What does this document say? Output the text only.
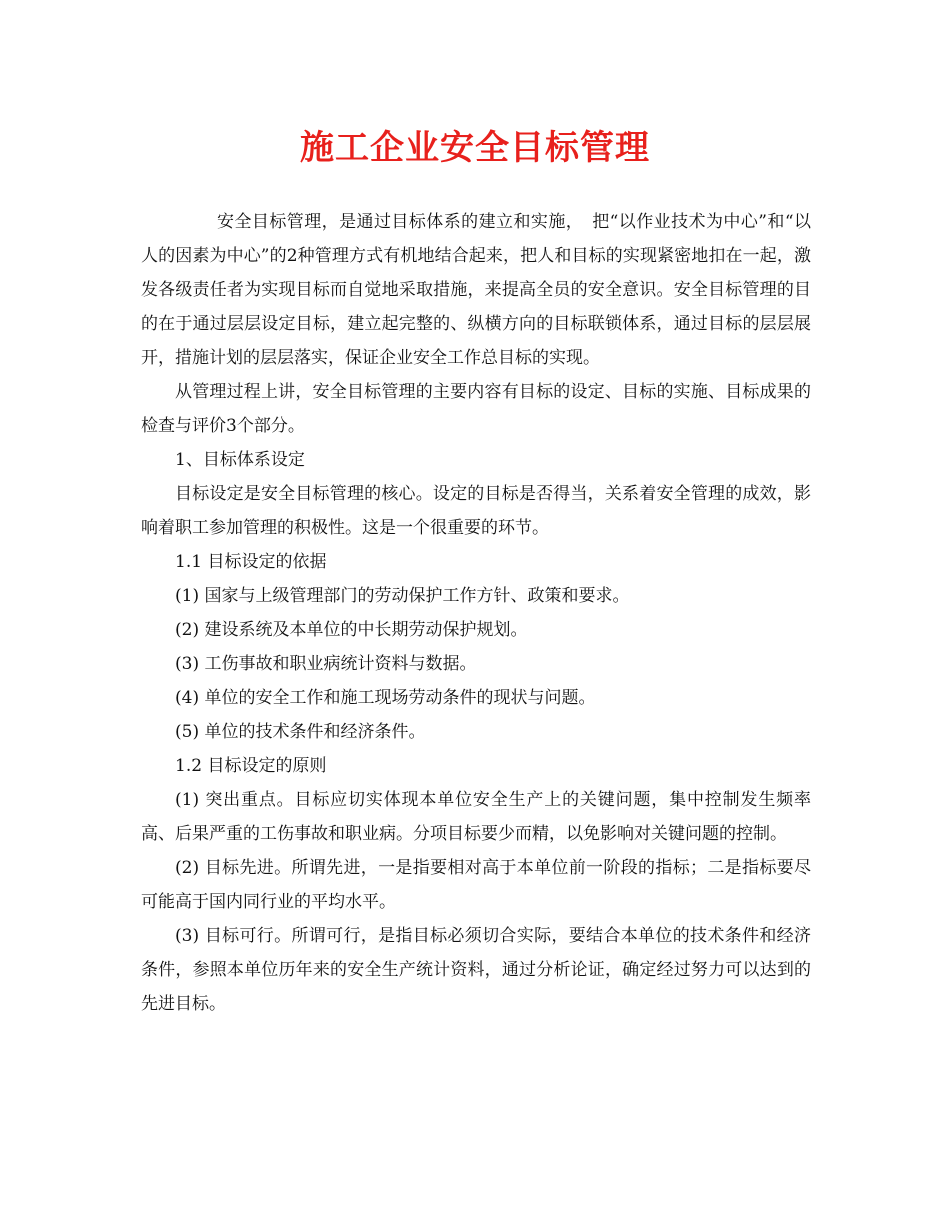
施工企业安全目标管理

安全目标管理，是通过目标体系的建立和实施，　把“以作业技术为中心”和“以人的因素为中心”的2种管理方式有机地结合起来，把人和目标的实现紧密地扣在一起，激发各级责任者为实现目标而自觉地采取措施，来提高全员的安全意识。安全目标管理的目的在于通过层层设定目标，建立起完整的、纵横方向的目标联锁体系，通过目标的层层展开，措施计划的层层落实，保证企业安全工作总目标的实现。

从管理过程上讲，安全目标管理的主要内容有目标的设定、目标的实施、目标成果的检查与评价3个部分。

1、目标体系设定

目标设定是安全目标管理的核心。设定的目标是否得当，关系着安全管理的成效，影响着职工参加管理的积极性。这是一个很重要的环节。

1.1 目标设定的依据

(1) 国家与上级管理部门的劳动保护工作方针、政策和要求。

(2) 建设系统及本单位的中长期劳动保护规划。

(3) 工伤事故和职业病统计资料与数据。

(4) 单位的安全工作和施工现场劳动条件的现状与问题。

(5) 单位的技术条件和经济条件。

1.2 目标设定的原则

(1) 突出重点。目标应切实体现本单位安全生产上的关键问题，集中控制发生频率高、后果严重的工伤事故和职业病。分项目标要少而精，以免影响对关键问题的控制。

(2) 目标先进。所谓先进，一是指要相对高于本单位前一阶段的指标；二是指标要尽可能高于国内同行业的平均水平。

(3) 目标可行。所谓可行，是指目标必须切合实际，要结合本单位的技术条件和经济条件，参照本单位历年来的安全生产统计资料，通过分析论证，确定经过努力可以达到的先进目标。
